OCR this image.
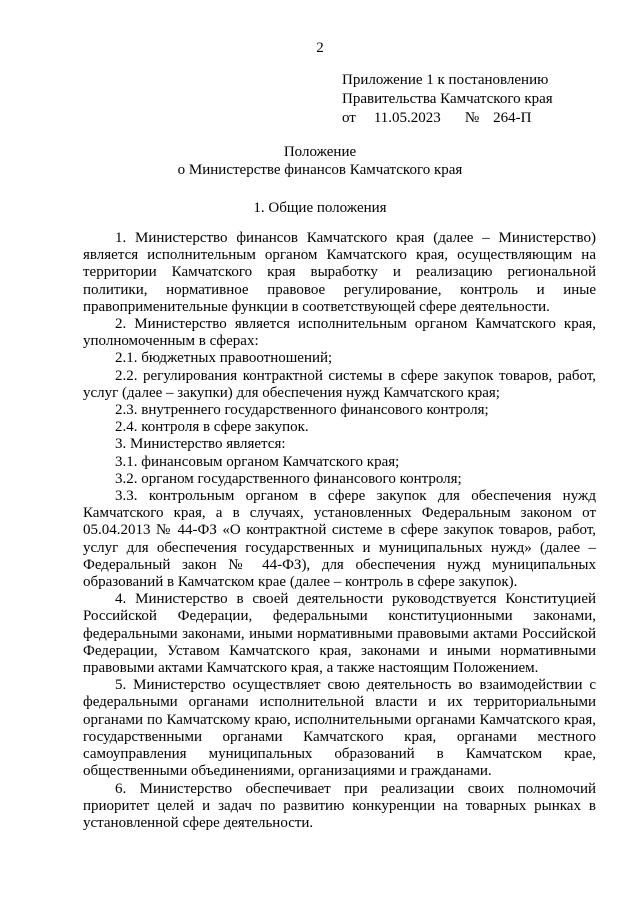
2
Приложение 1 к постановлению
Правительства Камчатского края
от 11.05.2023 № 264-П
Положение
о Министерстве финансов Камчатского края
1. Общие положения

1. Министерство финансов Камчатского края (далее – Министерство) является исполнительным органом Камчатского края, осуществляющим на территории Камчатского края выработку и реализацию региональной политики, нормативное правовое регулирование, контроль и иные правоприменительные функции в соответствующей сфере деятельности.

2. Министерство является исполнительным органом Камчатского края, уполномоченным в сферах:

2.1. бюджетных правоотношений;

2.2. регулирования контрактной системы в сфере закупок товаров, работ, услуг (далее – закупки) для обеспечения нужд Камчатского края;

2.3. внутреннего государственного финансового контроля;

2.4. контроля в сфере закупок.

3. Министерство является:

3.1. финансовым органом Камчатского края;

3.2. органом государственного финансового контроля;

3.3. контрольным органом в сфере закупок для обеспечения нужд Камчатского края, а в случаях, установленных Федеральным законом от 05.04.2013 № 44-ФЗ «О контрактной системе в сфере закупок товаров, работ, услуг для обеспечения государственных и муниципальных нужд» (далее – Федеральный закон № 44-ФЗ), для обеспечения нужд муниципальных образований в Камчатском крае (далее – контроль в сфере закупок).

4. Министерство в своей деятельности руководствуется Конституцией Российской Федерации, федеральными конституционными законами, федеральными законами, иными нормативными правовыми актами Российской Федерации, Уставом Камчатского края, законами и иными нормативными правовыми актами Камчатского края, а также настоящим Положением.

5. Министерство осуществляет свою деятельность во взаимодействии с федеральными органами исполнительной власти и их территориальными органами по Камчатскому краю, исполнительными органами Камчатского края, государственными органами Камчатского края, органами местного самоуправления муниципальных образований в Камчатском крае, общественными объединениями, организациями и гражданами.

6. Министерство обеспечивает при реализации своих полномочий приоритет целей и задач по развитию конкуренции на товарных рынках в установленной сфере деятельности.
